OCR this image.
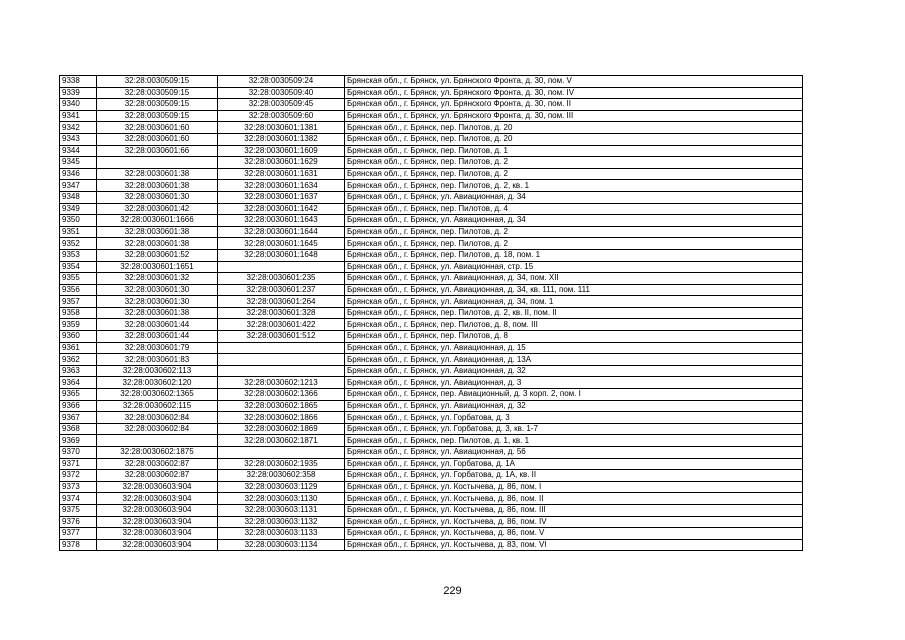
9338	32:28:0030509:15	32:28:0030509:24	Брянская обл., г. Брянск, ул. Брянского Фронта, д. 30, пом. V
9339	32:28:0030509:15	32:28:0030509:40	Брянская обл., г. Брянск, ул. Брянского Фронта, д. 30, пом. IV
9340	32:28:0030509:15	32:28:0030509:45	Брянская обл., г. Брянск, ул. Брянского Фронта, д. 30, пом. II
9341	32:28:0030509:15	32:28:0030509:60	Брянская обл., г. Брянск, ул. Брянского Фронта, д. 30, пом. III
9342	32:28:0030601:60	32:28:0030601:1381	Брянская обл., г. Брянск, пер. Пилотов, д. 20
9343	32:28:0030601:60	32:28:0030601:1382	Брянская обл., г. Брянск, пер. Пилотов, д. 20
9344	32:28:0030601:66	32:28:0030601:1609	Брянская обл., г. Брянск, пер. Пилотов, д. 1
9345		32:28:0030601:1629	Брянская обл., г. Брянск, пер. Пилотов, д. 2
9346	32:28:0030601:38	32:28:0030601:1631	Брянская обл., г. Брянск, пер. Пилотов, д. 2
9347	32:28:0030601:38	32:28:0030601:1634	Брянская обл., г. Брянск, пер. Пилотов, д. 2, кв. 1
9348	32:28:0030601:30	32:28:0030601:1637	Брянская обл., г. Брянск, ул. Авиационная, д. 34
9349	32:28:0030601:42	32:28:0030601:1642	Брянская обл., г. Брянск, пер. Пилотов, д. 4
9350	32:28:0030601:1666	32:28:0030601:1643	Брянская обл., г. Брянск, ул. Авиационная, д. 34
9351	32:28:0030601:38	32:28:0030601:1644	Брянская обл., г. Брянск, пер. Пилотов, д. 2
9352	32:28:0030601:38	32:28:0030601:1645	Брянская обл., г. Брянск, пер. Пилотов, д. 2
9353	32:28:0030601:52	32:28:0030601:1648	Брянская обл., г. Брянск, пер. Пилотов, д. 18, пом. 1
9354	32:28:0030601:1651		Брянская обл., г. Брянск, ул. Авиационная, стр. 15
9355	32:28:0030601:32	32:28:0030601:235	Брянская обл., г. Брянск, ул. Авиационная, д. 34, пом. XII
9356	32:28:0030601:30	32:28:0030601:237	Брянская обл., г. Брянск, ул. Авиационная, д. 34, кв. 111, пом. 111
9357	32:28:0030601:30	32:28:0030601:264	Брянская обл., г. Брянск, ул. Авиационная, д. 34, пом. 1
9358	32:28:0030601:38	32:28:0030601:328	Брянская обл., г. Брянск, пер. Пилотов, д. 2, кв. II, пом. II
9359	32:28:0030601:44	32:28:0030601:422	Брянская обл., г. Брянск, пер. Пилотов, д. 8, пом. III
9360	32:28:0030601:44	32:28:0030601:512	Брянская обл., г. Брянск, пер. Пилотов, д. 8
9361	32:28:0030601:79		Брянская обл., г. Брянск, ул. Авиационная, д. 15
9362	32:28:0030601:83		Брянская обл., г. Брянск, ул. Авиационная, д. 13А
9363	32:28:0030602:113		Брянская обл., г. Брянск, ул. Авиационная, д. 32
9364	32:28:0030602:120	32:28:0030602:1213	Брянская обл., г. Брянск, ул. Авиационная, д. 3
9365	32:28:0030602:1365	32:28:0030602:1366	Брянская обл., г. Брянск, пер. Авиационный, д. 3 корп. 2, пом. I
9366	32:28:0030602:115	32:28:0030602:1865	Брянская обл., г. Брянск, ул. Авиационная, д. 32
9367	32:28:0030602:84	32:28:0030602:1866	Брянская обл., г. Брянск, ул. Горбатова, д. 3
9368	32:28:0030602:84	32:28:0030602:1869	Брянская обл., г. Брянск, ул. Горбатова, д. 3, кв. 1-7
9369		32:28:0030602:1871	Брянская обл., г. Брянск, пер. Пилотов, д. 1, кв. 1
9370	32:28:0030602:1875		Брянская обл., г. Брянск, ул. Авиационная, д. 56
9371	32:28:0030602:87	32:28:0030602:1935	Брянская обл., г. Брянск, ул. Горбатова, д. 1А
9372	32:28:0030602:87	32:28:0030602:358	Брянская обл., г. Брянск, ул. Горбатова, д. 1А, кв. II
9373	32:28:0030603:904	32:28:0030603:1129	Брянская обл., г. Брянск, ул. Костычева, д. 86, пом. I
9374	32:28:0030603:904	32:28:0030603:1130	Брянская обл., г. Брянск, ул. Костычева, д. 86, пом. II
9375	32:28:0030603:904	32:28:0030603:1131	Брянская обл., г. Брянск, ул. Костычева, д. 86, пом. III
9376	32:28:0030603:904	32:28:0030603:1132	Брянская обл., г. Брянск, ул. Костычева, д. 86, пом. IV
9377	32:28:0030603:904	32:28:0030603:1133	Брянская обл., г. Брянск, ул. Костычева, д. 86, пом. V
9378	32:28:0030603:904	32:28:0030603:1134	Брянская обл., г. Брянск, ул. Костычева, д. 83, пом. VI
229
